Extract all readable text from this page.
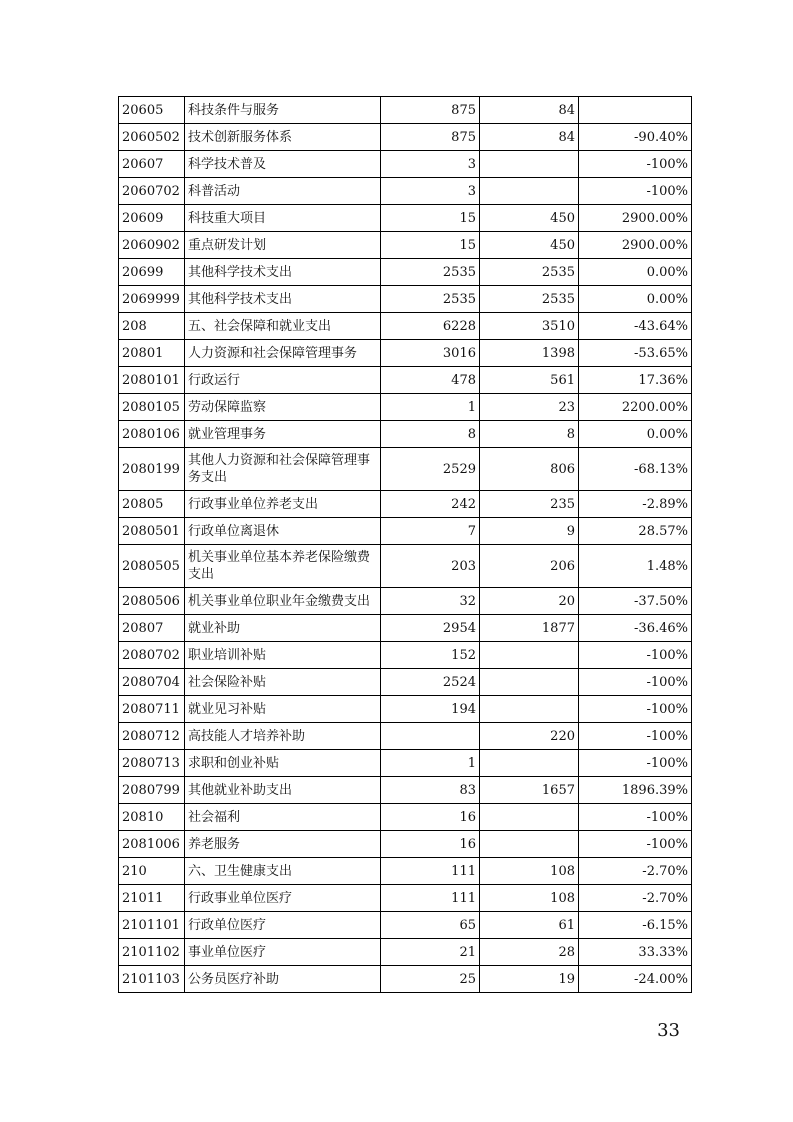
20605	科技条件与服务	875	84	
2060502	技术创新服务体系	875	84	-90.40%
20607	科学技术普及	3		-100%
2060702	科普活动	3		-100%
20609	科技重大项目	15	450	2900.00%
2060902	重点研发计划	15	450	2900.00%
20699	其他科学技术支出	2535	2535	0.00%
2069999	其他科学技术支出	2535	2535	0.00%
208	五、社会保障和就业支出	6228	3510	-43.64%
20801	人力资源和社会保障管理事务	3016	1398	-53.65%
2080101	行政运行	478	561	17.36%
2080105	劳动保障监察	1	23	2200.00%
2080106	就业管理事务	8	8	0.00%
2080199	其他人力资源和社会保障管理事务支出	2529	806	-68.13%
20805	行政事业单位养老支出	242	235	-2.89%
2080501	行政单位离退休	7	9	28.57%
2080505	机关事业单位基本养老保险缴费支出	203	206	1.48%
2080506	机关事业单位职业年金缴费支出	32	20	-37.50%
20807	就业补助	2954	1877	-36.46%
2080702	职业培训补贴	152		-100%
2080704	社会保险补贴	2524		-100%
2080711	就业见习补贴	194		-100%
2080712	高技能人才培养补助		220	-100%
2080713	求职和创业补贴	1		-100%
2080799	其他就业补助支出	83	1657	1896.39%
20810	社会福利	16		-100%
2081006	养老服务	16		-100%
210	六、卫生健康支出	111	108	-2.70%
21011	行政事业单位医疗	111	108	-2.70%
2101101	行政单位医疗	65	61	-6.15%
2101102	事业单位医疗	21	28	33.33%
2101103	公务员医疗补助	25	19	-24.00%
33
